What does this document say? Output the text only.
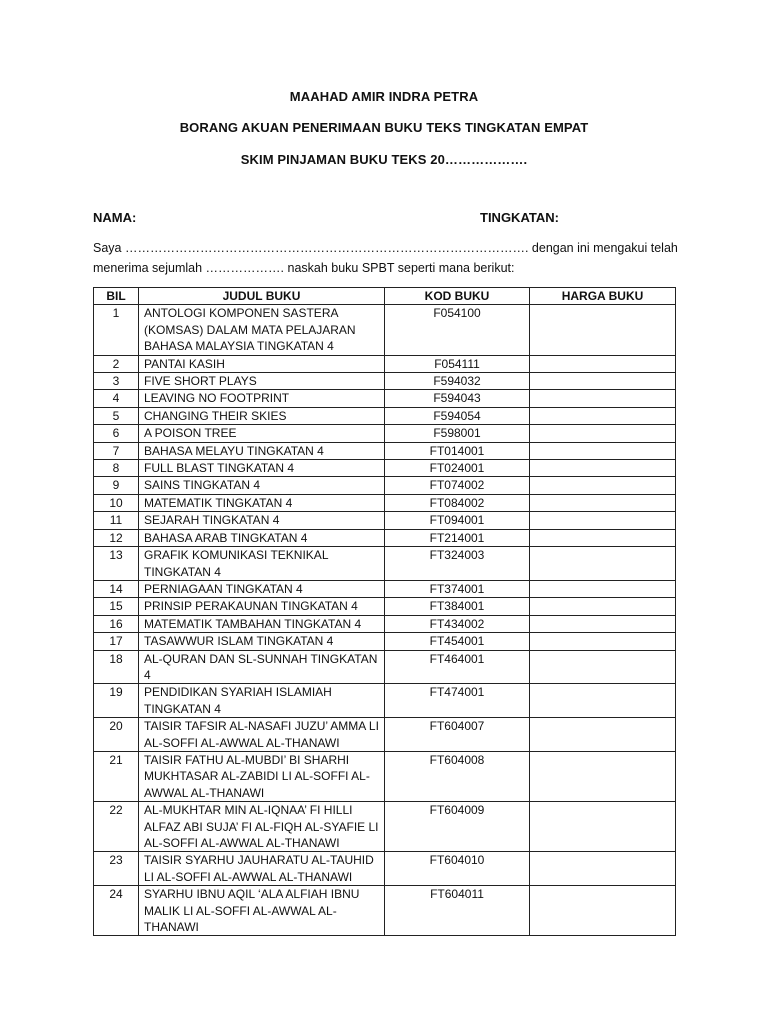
MAAHAD AMIR INDRA PETRA
BORANG AKUAN PENERIMAAN BUKU TEKS TINGKATAN EMPAT
SKIM PINJAMAN BUKU TEKS 20……………….
NAMA:	TINGKATAN:
Saya ……………………………………………………………………………………. dengan ini mengakui telah menerima sejumlah ………………. naskah buku SPBT seperti mana berikut:
BIL	JUDUL BUKU	KOD BUKU	HARGA BUKU
1	ANTOLOGI KOMPONEN SASTERA (KOMSAS) DALAM MATA PELAJARAN BAHASA MALAYSIA TINGKATAN 4	F054100	
2	PANTAI KASIH	F054111	
3	FIVE SHORT PLAYS	F594032	
4	LEAVING NO FOOTPRINT	F594043	
5	CHANGING THEIR SKIES	F594054	
6	A POISON TREE	F598001	
7	BAHASA MELAYU TINGKATAN 4	FT014001	
8	FULL BLAST TINGKATAN 4	FT024001	
9	SAINS TINGKATAN 4	FT074002	
10	MATEMATIK TINGKATAN 4	FT084002	
11	SEJARAH TINGKATAN 4	FT094001	
12	BAHASA ARAB TINGKATAN 4	FT214001	
13	GRAFIK KOMUNIKASI TEKNIKAL TINGKATAN 4	FT324003	
14	PERNIAGAAN TINGKATAN 4	FT374001	
15	PRINSIP PERAKAUNAN TINGKATAN 4	FT384001	
16	MATEMATIK TAMBAHAN TINGKATAN 4	FT434002	
17	TASAWWUR ISLAM TINGKATAN 4	FT454001	
18	AL-QURAN DAN SL-SUNNAH TINGKATAN 4	FT464001	
19	PENDIDIKAN SYARIAH ISLAMIAH TINGKATAN 4	FT474001	
20	TAISIR TAFSIR AL-NASAFI JUZU’ AMMA LI AL-SOFFI AL-AWWAL AL-THANAWI	FT604007	
21	TAISIR FATHU AL-MUBDI’ BI SHARHI MUKHTASAR AL-ZABIDI LI AL-SOFFI AL-AWWAL AL-THANAWI	FT604008	
22	AL-MUKHTAR MIN AL-IQNAA’ FI HILLI ALFAZ ABI SUJA’ FI AL-FIQH AL-SYAFIE LI AL-SOFFI AL-AWWAL AL-THANAWI	FT604009	
23	TAISIR SYARHU JAUHARATU AL-TAUHID LI AL-SOFFI AL-AWWAL AL-THANAWI	FT604010	
24	SYARHU IBNU AQIL ‘ALA ALFIAH IBNU MALIK LI AL-SOFFI AL-AWWAL AL-THANAWI	FT604011	
